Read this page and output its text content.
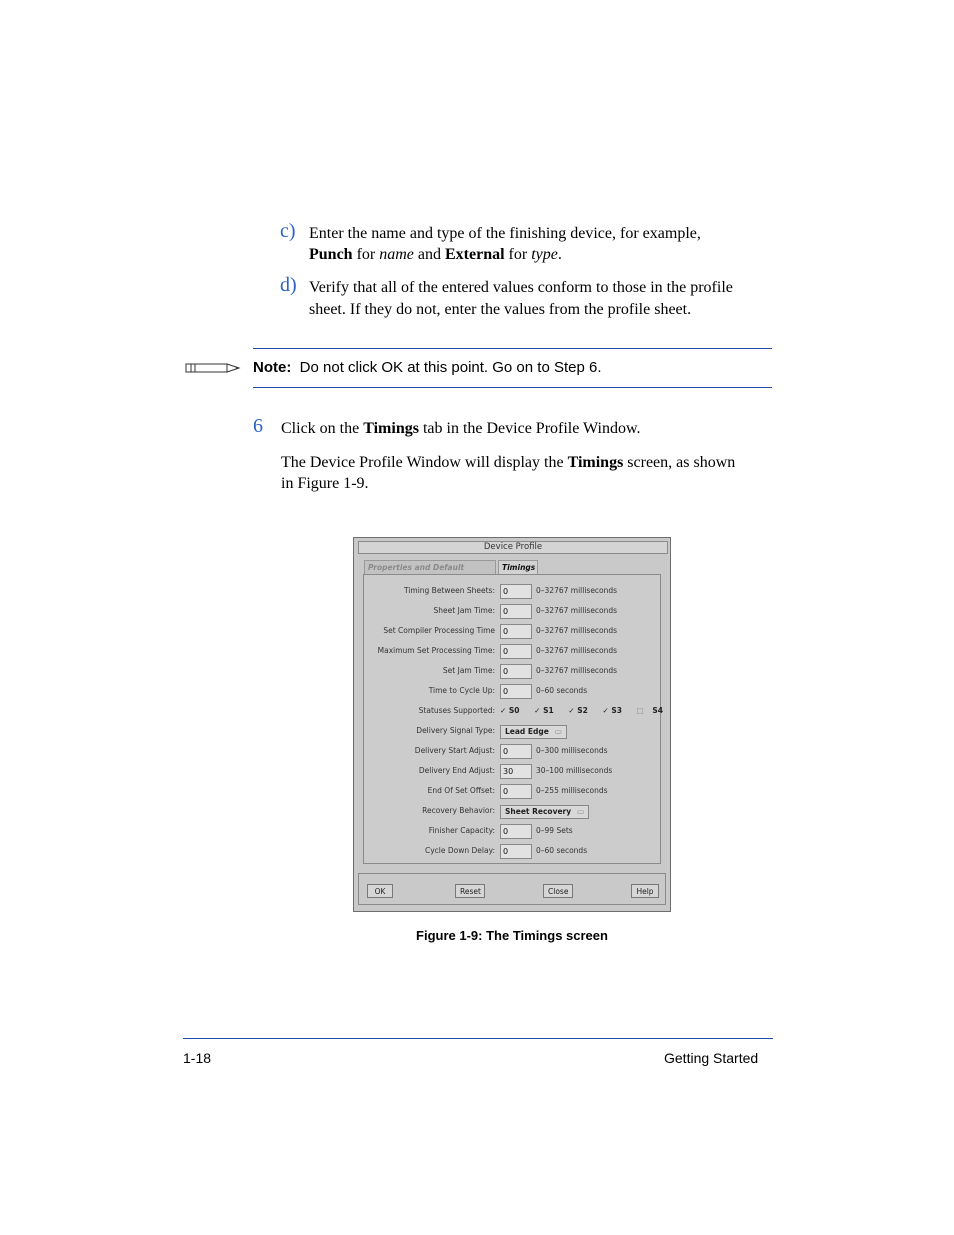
c) Enter the name and type of the finishing device, for example,
Punch for name and External for type.
d) Verify that all of the entered values conform to those in the profile
sheet. If they do not, enter the values from the profile sheet.
Note: Do not click OK at this point. Go on to Step 6.
6 Click on the Timings tab in the Device Profile Window.
The Device Profile Window will display the Timings screen, as shown
in Figure 1-9.
Device Profile
Properties and Default	Timings
Timing Between Sheets:	0	0–32767 milliseconds
Sheet Jam Time:	0	0–32767 milliseconds
Set Compiler Processing Time	0	0–32767 milliseconds
Maximum Set Processing Time:	0	0–32767 milliseconds
Set Jam Time:	0	0–32767 milliseconds
Time to Cycle Up:	0	0–60 seconds
Statuses Supported: ✓ S0 ✓ S1 ✓ S2 ✓ S3 □ S4
Delivery Signal Type:	Lead Edge ▭
Delivery Start Adjust:	0	0–300 milliseconds
Delivery End Adjust:	30	30–100 milliseconds
End Of Set Offset:	0	0–255 milliseconds
Recovery Behavior:	Sheet Recovery ▭
Finisher Capacity:	0	0–99 Sets
Cycle Down Delay:	0	0–60 seconds
OK	Reset	Close	Help
Figure 1-9: The Timings screen
1-18	Getting Started
